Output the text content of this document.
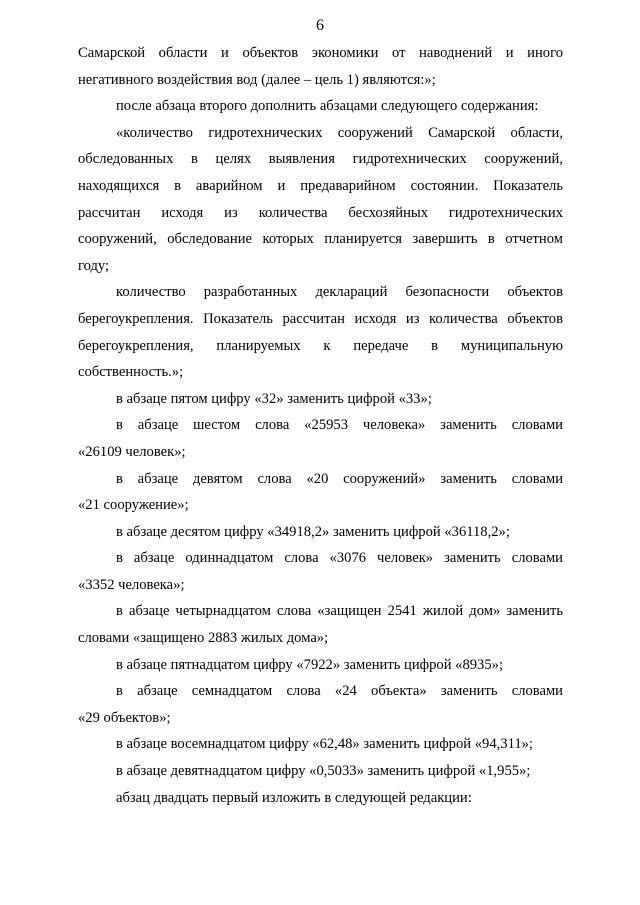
6

Самарской области и объектов экономики от наводнений и иного
негативного воздействия вод (далее – цель 1) являются:»;

после абзаца второго дополнить абзацами следующего содержания:

«количество гидротехнических сооружений Самарской области,
обследованных в целях выявления гидротехнических сооружений,
находящихся в аварийном и предаварийном состоянии. Показатель
рассчитан исходя из количества бесхозяйных гидротехнических
сооружений, обследование которых планируется завершить в отчетном
году;

количество разработанных деклараций безопасности объектов
берегоукрепления. Показатель рассчитан исходя из количества объектов
берегоукрепления, планируемых к передаче в муниципальную
собственность.»;

в абзаце пятом цифру «32» заменить цифрой «33»;

в абзаце шестом слова «25953 человека» заменить словами
«26109 человек»;

в абзаце девятом слова «20 сооружений» заменить словами
«21 сооружение»;

в абзаце десятом цифру «34918,2» заменить цифрой «36118,2»;

в абзаце одиннадцатом слова «3076 человек» заменить словами
«3352 человека»;

в абзаце четырнадцатом слова «защищен 2541 жилой дом» заменить
словами «защищено 2883 жилых дома»;

в абзаце пятнадцатом цифру «7922» заменить цифрой «8935»;

в абзаце семнадцатом слова «24 объекта» заменить словами
«29 объектов»;

в абзаце восемнадцатом цифру «62,48» заменить цифрой «94,311»;

в абзаце девятнадцатом цифру «0,5033» заменить цифрой «1,955»;

абзац двадцать первый изложить в следующей редакции:
